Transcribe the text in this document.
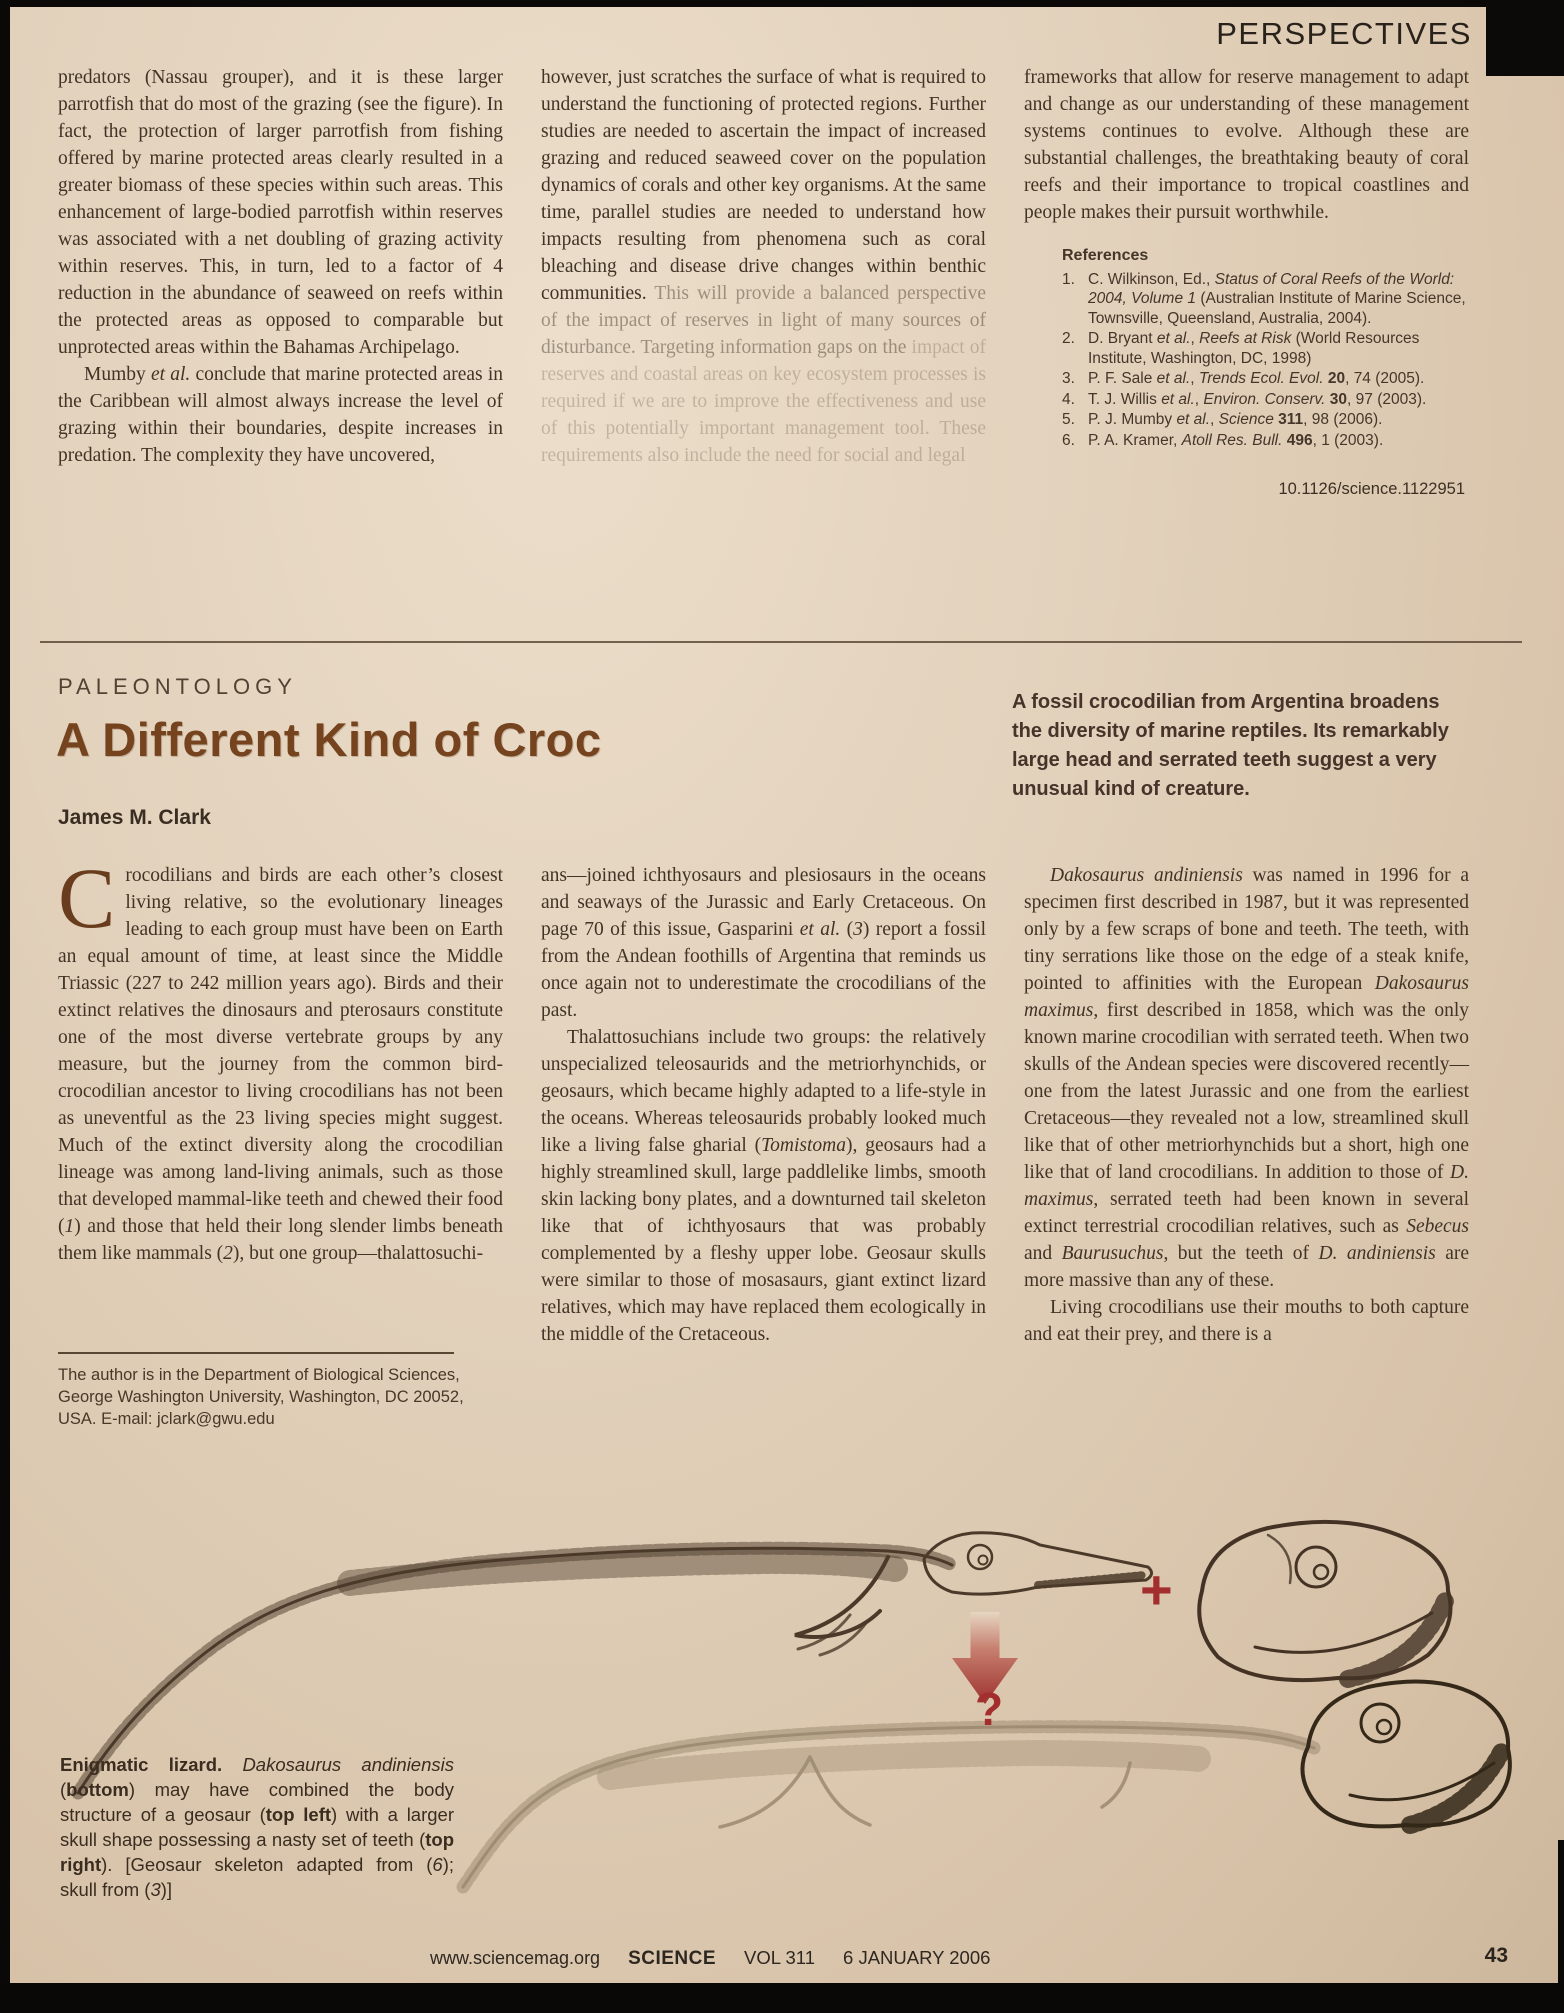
PERSPECTIVES

predators (Nassau grouper), and it is these larger parrotfish that do most of the grazing (see the figure). In fact, the protection of larger parrotfish from fishing offered by marine protected areas clearly resulted in a greater biomass of these species within such areas. This enhancement of large-bodied parrotfish within reserves was associated with a net doubling of grazing activity within reserves. This, in turn, led to a factor of 4 reduction in the abundance of seaweed on reefs within the protected areas as opposed to comparable but unprotected areas within the Bahamas Archipelago.

Mumby et al. conclude that marine protected areas in the Caribbean will almost always increase the level of grazing within their boundaries, despite increases in predation. The complexity they have uncovered,

however, just scratches the surface of what is required to understand the functioning of protected regions. Further studies are needed to ascertain the impact of increased grazing and reduced seaweed cover on the population dynamics of corals and other key organisms. At the same time, parallel studies are needed to understand how impacts resulting from phenomena such as coral bleaching and disease drive changes within benthic communities. This will provide a balanced perspective of the impact of reserves in light of many sources of disturbance. Targeting information gaps on the impact of reserves and coastal areas on key ecosystem processes is required if we are to improve the effectiveness and use of this potentially important management tool. These requirements also include the need for social and legal

frameworks that allow for reserve management to adapt and change as our understanding of these management systems continues to evolve. Although these are substantial challenges, the breathtaking beauty of coral reefs and their importance to tropical coastlines and people makes their pursuit worthwhile.

References
1. C. Wilkinson, Ed., Status of Coral Reefs of the World: 2004, Volume 1 (Australian Institute of Marine Science, Townsville, Queensland, Australia, 2004).
2. D. Bryant et al., Reefs at Risk (World Resources Institute, Washington, DC, 1998)
3. P. F. Sale et al., Trends Ecol. Evol. 20, 74 (2005).
4. T. J. Willis et al., Environ. Conserv. 30, 97 (2003).
5. P. J. Mumby et al., Science 311, 98 (2006).
6. P. A. Kramer, Atoll Res. Bull. 496, 1 (2003).
10.1126/science.1122951
PALEONTOLOGY
A Different Kind of Croc
James M. Clark
A fossil crocodilian from Argentina broadens the diversity of marine reptiles. Its remarkably large head and serrated teeth suggest a very unusual kind of creature.

Crocodilians and birds are each other’s closest living relative, so the evolutionary lineages leading to each group must have been on Earth an equal amount of time, at least since the Middle Triassic (227 to 242 million years ago). Birds and their extinct relatives the dinosaurs and pterosaurs constitute one of the most diverse vertebrate groups by any measure, but the journey from the common bird-crocodilian ancestor to living crocodilians has not been as uneventful as the 23 living species might suggest. Much of the extinct diversity along the crocodilian lineage was among land-living animals, such as those that developed mammal-like teeth and chewed their food (1) and those that held their long slender limbs beneath them like mammals (2), but one group—thalattosuchi-

ans—joined ichthyosaurs and plesiosaurs in the oceans and seaways of the Jurassic and Early Cretaceous. On page 70 of this issue, Gasparini et al. (3) report a fossil from the Andean foothills of Argentina that reminds us once again not to underestimate the crocodilians of the past.

Thalattosuchians include two groups: the relatively unspecialized teleosaurids and the metriorhynchids, or geosaurs, which became highly adapted to a life-style in the oceans. Whereas teleosaurids probably looked much like a living false gharial (Tomistoma), geosaurs had a highly streamlined skull, large paddlelike limbs, smooth skin lacking bony plates, and a downturned tail skeleton like that of ichthyosaurs that was probably complemented by a fleshy upper lobe. Geosaur skulls were similar to those of mosasaurs, giant extinct lizard relatives, which may have replaced them ecologically in the middle of the Cretaceous.

Dakosaurus andiniensis was named in 1996 for a specimen first described in 1987, but it was represented only by a few scraps of bone and teeth. The teeth, with tiny serrations like those on the edge of a steak knife, pointed to affinities with the European Dakosaurus maximus, first described in 1858, which was the only known marine crocodilian with serrated teeth. When two skulls of the Andean species were discovered recently—one from the latest Jurassic and one from the earliest Cretaceous—they revealed not a low, streamlined skull like that of other metriorhynchids but a short, high one like that of land crocodilians. In addition to those of D. maximus, serrated teeth had been known in several extinct terrestrial crocodilian relatives, such as Sebecus and Baurusuchus, but the teeth of D. andiniensis are more massive than any of these.

Living crocodilians use their mouths to both capture and eat their prey, and there is a

The author is in the Department of Biological Sciences, George Washington University, Washington, DC 20052, USA. E-mail: jclark@gwu.edu
+
?
Enigmatic lizard. Dakosaurus andiniensis (bottom) may have combined the body structure of a geosaur (top left) with a larger skull shape possessing a nasty set of teeth (top right). [Geosaur skeleton adapted from (6); skull from (3)]
www.sciencemag.org SCIENCE VOL 311 6 JANUARY 2006	43
